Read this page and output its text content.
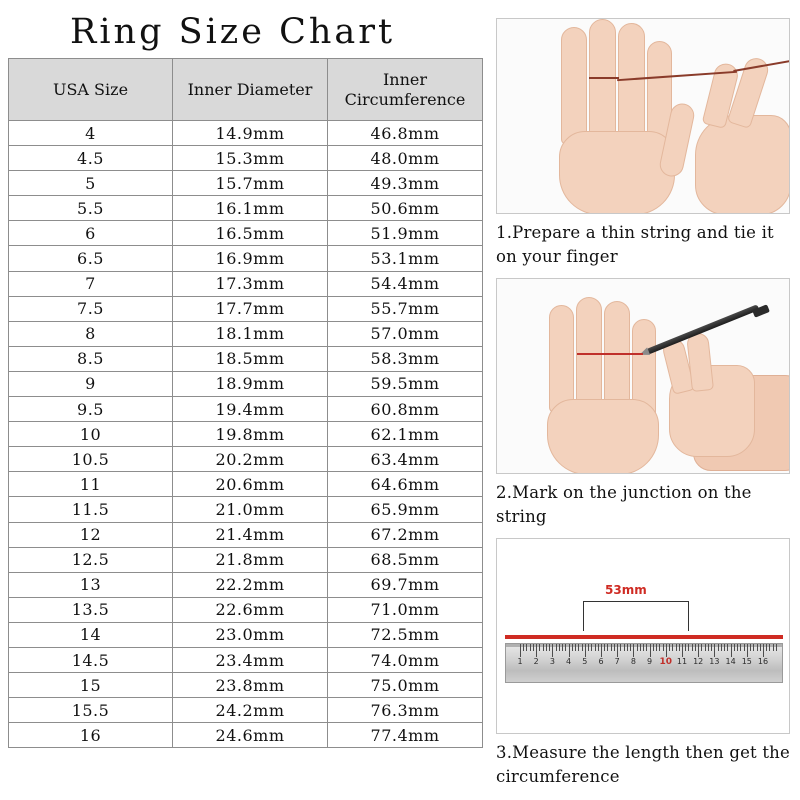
Ring Size Chart
USA Size	Inner Diameter	Inner Circumference
4	14.9mm	46.8mm
4.5	15.3mm	48.0mm
5	15.7mm	49.3mm
5.5	16.1mm	50.6mm
6	16.5mm	51.9mm
6.5	16.9mm	53.1mm
7	17.3mm	54.4mm
7.5	17.7mm	55.7mm
8	18.1mm	57.0mm
8.5	18.5mm	58.3mm
9	18.9mm	59.5mm
9.5	19.4mm	60.8mm
10	19.8mm	62.1mm
10.5	20.2mm	63.4mm
11	20.6mm	64.6mm
11.5	21.0mm	65.9mm
12	21.4mm	67.2mm
12.5	21.8mm	68.5mm
13	22.2mm	69.7mm
13.5	22.6mm	71.0mm
14	23.0mm	72.5mm
14.5	23.4mm	74.0mm
15	23.8mm	75.0mm
15.5	24.2mm	76.3mm
16	24.6mm	77.4mm
1.Prepare a thin string and tie it on your finger
2.Mark on the junction on the string
53mm
1 2 3 4 5 6 7 8 9 10 11 12 13 14 15 16
3.Measure the length then get the circumference
